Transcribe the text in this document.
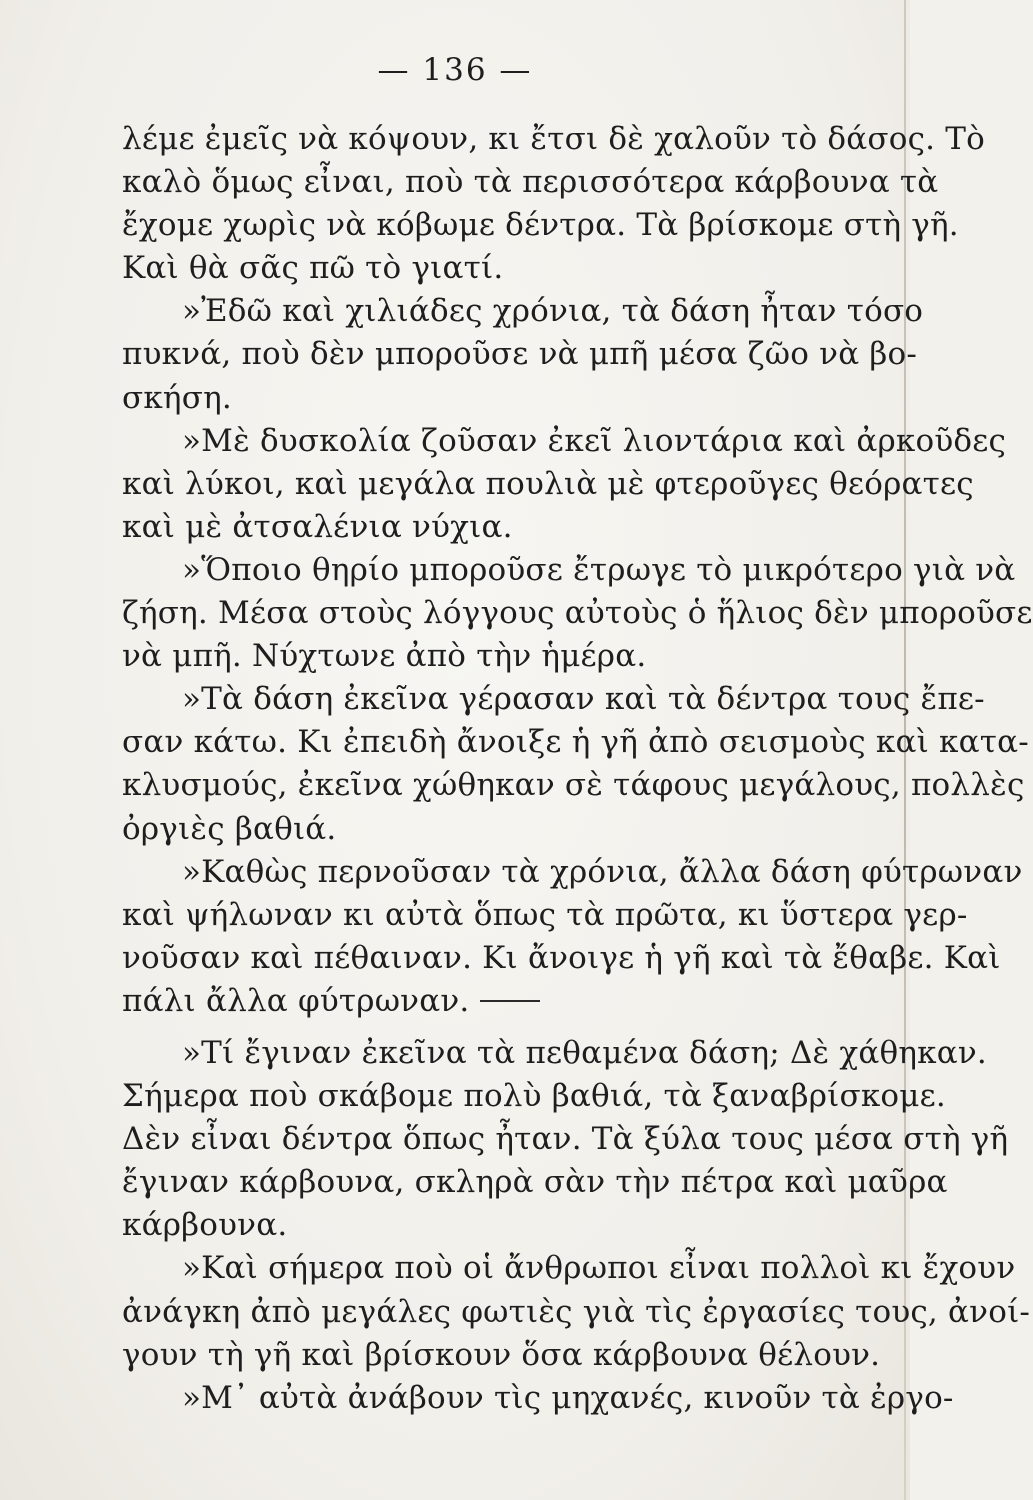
— 136 —
λέμε ἐμεῖς νὰ κόψουν, κι ἔτσι δὲ χαλοῦν τὸ δάσος. Τὸ
καλὸ ὅμως εἶναι, ποὺ τὰ περισσότερα κάρβουνα τὰ
ἔχομε χωρὶς νὰ κόβωμε δέντρα. Τὰ βρίσκομε στὴ γῆ.
Καὶ θὰ σᾶς πῶ τὸ γιατί.
»Ἐδῶ καὶ χιλιάδες χρόνια, τὰ δάση ἦταν τόσο
πυκνά, ποὺ δὲν μποροῦσε νὰ μπῆ μέσα ζῶο νὰ βο-
σκήση.
»Μὲ δυσκολία ζοῦσαν ἐκεῖ λιοντάρια καὶ ἀρκοῦδες
καὶ λύκοι, καὶ μεγάλα πουλιὰ μὲ φτεροῦγες θεόρατες
καὶ μὲ ἀτσαλένια νύχια.
»Ὅποιο θηρίο μποροῦσε ἔτρωγε τὸ μικρότερο γιὰ νὰ
ζήση. Μέσα στοὺς λόγγους αὐτοὺς ὁ ἥλιος δὲν μποροῦσε
νὰ μπῆ. Νύχτωνε ἀπὸ τὴν ἡμέρα.
»Τὰ δάση ἐκεῖνα γέρασαν καὶ τὰ δέντρα τους ἔπε-
σαν κάτω. Κι ἐπειδὴ ἄνοιξε ἡ γῆ ἀπὸ σεισμοὺς καὶ κατα-
κλυσμούς, ἐκεῖνα χώθηκαν σὲ τάφους μεγάλους, πολλὲς
ὀργιὲς βαθιά.
»Καθὼς περνοῦσαν τὰ χρόνια, ἄλλα δάση φύτρωναν
καὶ ψήλωναν κι αὐτὰ ὅπως τὰ πρῶτα, κι ὕστερα γερ-
νοῦσαν καὶ πέθαιναν. Κι ἄνοιγε ἡ γῆ καὶ τὰ ἔθαβε. Καὶ
πάλι ἄλλα φύτρωναν.
»Τί ἔγιναν ἐκεῖνα τὰ πεθαμένα δάση; Δὲ χάθηκαν.
Σήμερα ποὺ σκάβομε πολὺ βαθιά, τὰ ξαναβρίσκομε.
Δὲν εἶναι δέντρα ὅπως ἦταν. Τὰ ξύλα τους μέσα στὴ γῆ
ἔγιναν κάρβουνα, σκληρὰ σὰν τὴν πέτρα καὶ μαῦρα
κάρβουνα.
»Καὶ σήμερα ποὺ οἱ ἄνθρωποι εἶναι πολλοὶ κι ἔχουν
ἀνάγκη ἀπὸ μεγάλες φωτιὲς γιὰ τὶς ἐργασίες τους, ἀνοί-
γουν τὴ γῆ καὶ βρίσκουν ὅσα κάρβουνα θέλουν.
»Μ᾿ αὐτὰ ἀνάβουν τὶς μηχανές, κινοῦν τὰ ἐργο-
